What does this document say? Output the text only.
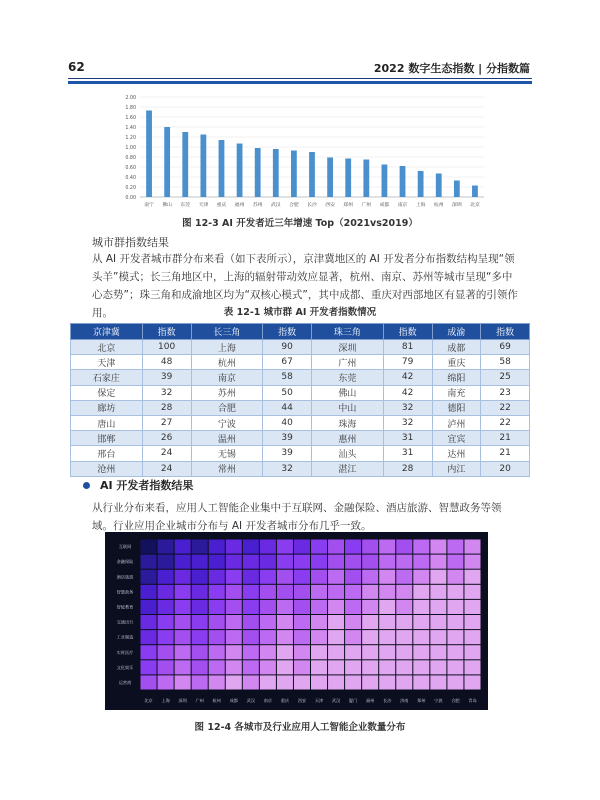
62	2022 数字生态指数 | 分指数篇
0.00
0.20
0.40
0.60
0.80
1.00
1.20
1.40
1.60
1.80
2.00
南宁 佛山 东莞 天津 重庆 福州 苏州 武汉 合肥 长沙 西安 郑州 广州 成都 南京 上海 杭州 深圳 北京
图 12-3 AI 开发者近三年增速 Top（2021vs2019）
城市群指数结果
从 AI 开发者城市群分布来看（如下表所示），京津冀地区的 AI 开发者分布指数结构呈现“领头羊”模式；长三角地区中，上海的辐射带动效应显著，杭州、南京、苏州等城市呈现“多中心态势”；珠三角和成渝地区均为“双核心模式”，其中成都、重庆对西部地区有显著的引领作用。	表 12-1 城市群 AI 开发者指数情况
京津冀	指数	长三角	指数	珠三角	指数	成渝	指数
北京	100	上海	90	深圳	81	成都	69
天津	48	杭州	67	广州	79	重庆	58
石家庄	39	南京	58	东莞	42	绵阳	25
保定	32	苏州	50	佛山	42	南充	23
廊坊	28	合肥	44	中山	32	德阳	22
唐山	27	宁波	40	珠海	32	泸州	22
邯郸	26	温州	39	惠州	31	宜宾	21
邢台	24	无锡	39	汕头	31	达州	21
沧州	24	常州	32	湛江	28	内江	20
AI 开发者指数结果
从行业分布来看，应用人工智能企业集中于互联网、金融保险、酒店旅游、智慧政务等领域。行业应用企业城市分布与 AI 开发者城市分布几乎一致。
互联网
金融保险
酒店旅游
智慧政务
智能教育
交通出行
工业制造
实时医疗
文化娱乐
运营商
北京 上海 深圳 广州 杭州 成都 武汉 南京 重庆 西安 天津 武汉 厦门 福州 长沙 济南 郑州 宁波 合肥 青岛
图 12-4 各城市及行业应用人工智能企业数量分布
